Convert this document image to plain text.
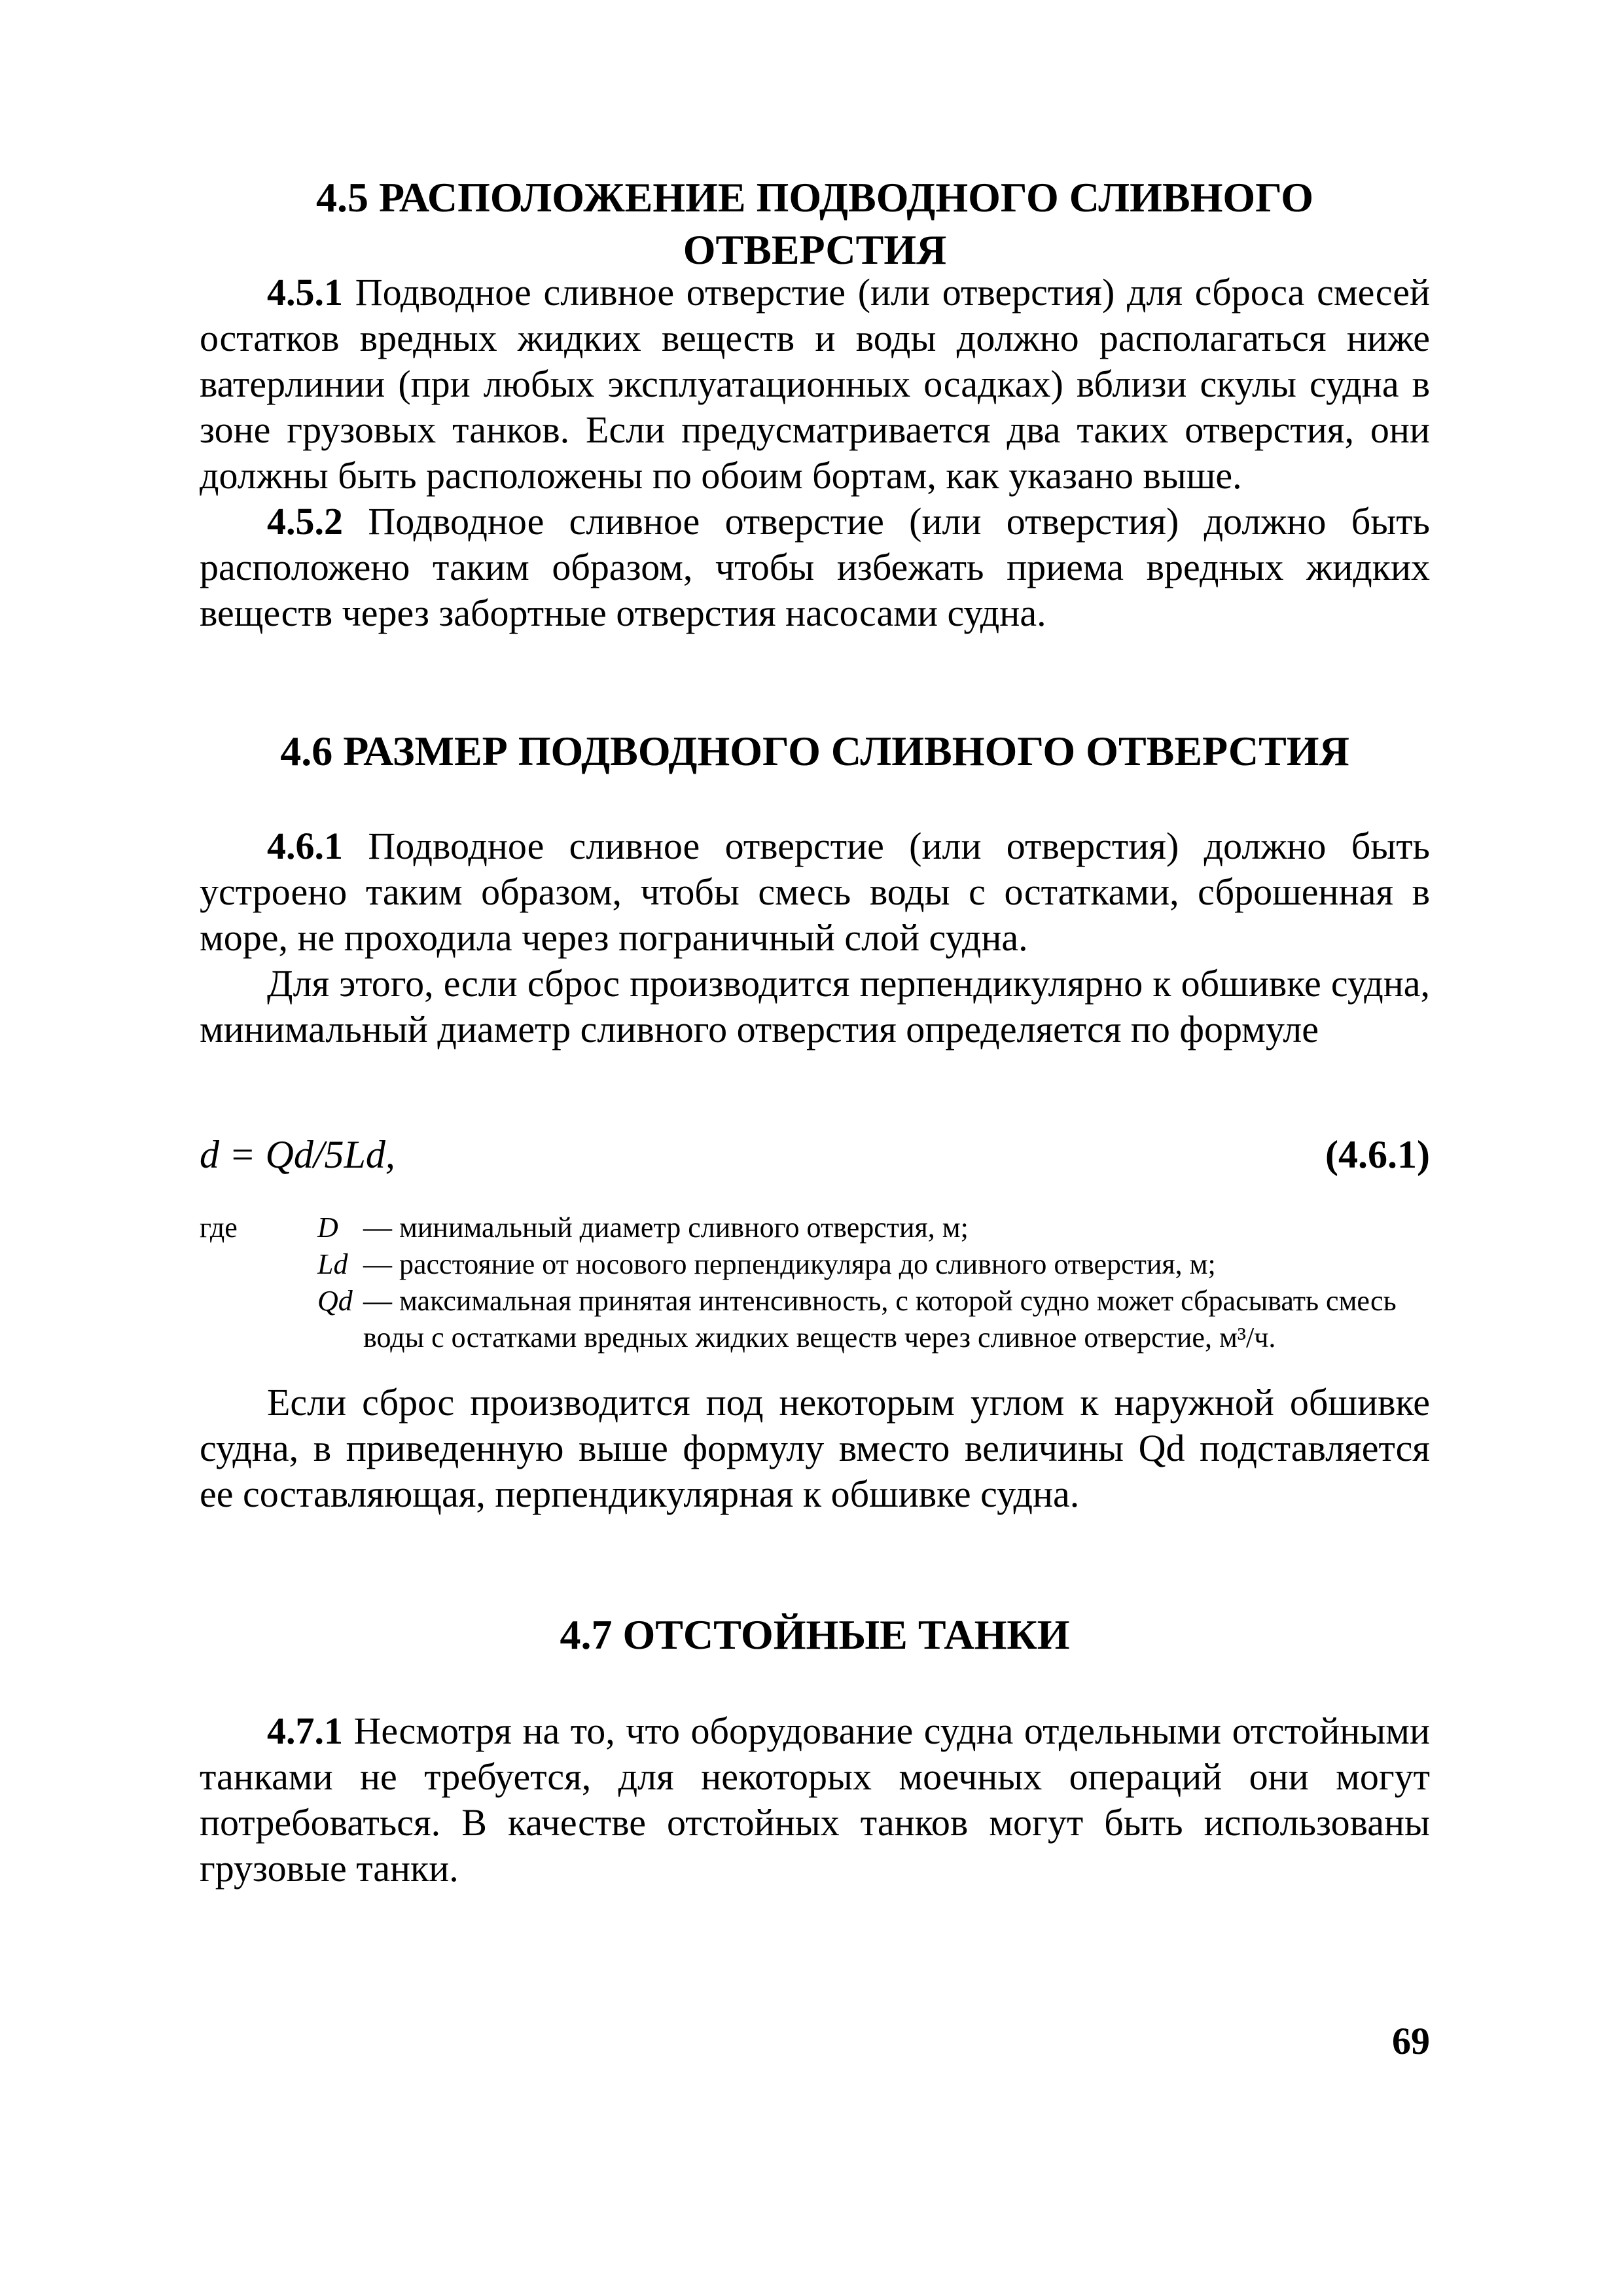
4.5 РАСПОЛОЖЕНИЕ ПОДВОДНОГО СЛИВНОГО ОТВЕРСТИЯ

4.5.1 Подводное сливное отверстие (или отверстия) для сброса смесей остатков вредных жидких веществ и воды должно располагаться ниже ватерлинии (при любых эксплуатационных осадках) вблизи скулы судна в зоне грузовых танков. Если предусматривается два таких отверстия, они должны быть расположены по обоим бортам, как указано выше.

4.5.2 Подводное сливное отверстие (или отверстия) должно быть расположено таким образом, чтобы избежать приема вредных жидких веществ через забортные отверстия насосами судна.

4.6 РАЗМЕР ПОДВОДНОГО СЛИВНОГО ОТВЕРСТИЯ

4.6.1 Подводное сливное отверстие (или отверстия) должно быть устроено таким образом, чтобы смесь воды с остатками, сброшенная в море, не проходила через пограничный слой судна.

Для этого, если сброс производится перпендикулярно к обшивке судна, минимальный диаметр сливного отверстия определяется по формуле

d = Qd/5Ld,	(4.6.1)
где	D — минимальный диаметр сливного отверстия, м;
Ld — расстояние от носового перпендикуляра до сливного отверстия, м;
Qd — максимальная принятая интенсивность, с которой судно может сбрасывать смесь
воды с остатками вредных жидких веществ через сливное отверстие, м³/ч.

Если сброс производится под некоторым углом к наружной обшивке судна, в приведенную выше формулу вместо величины Qd подставляется ее составляющая, перпендикулярная к обшивке судна.

4.7 ОТСТОЙНЫЕ ТАНКИ

4.7.1 Несмотря на то, что оборудование судна отдельными отстойными танками не требуется, для некоторых моечных операций они могут потребоваться. В качестве отстойных танков могут быть использованы грузовые танки.

69
